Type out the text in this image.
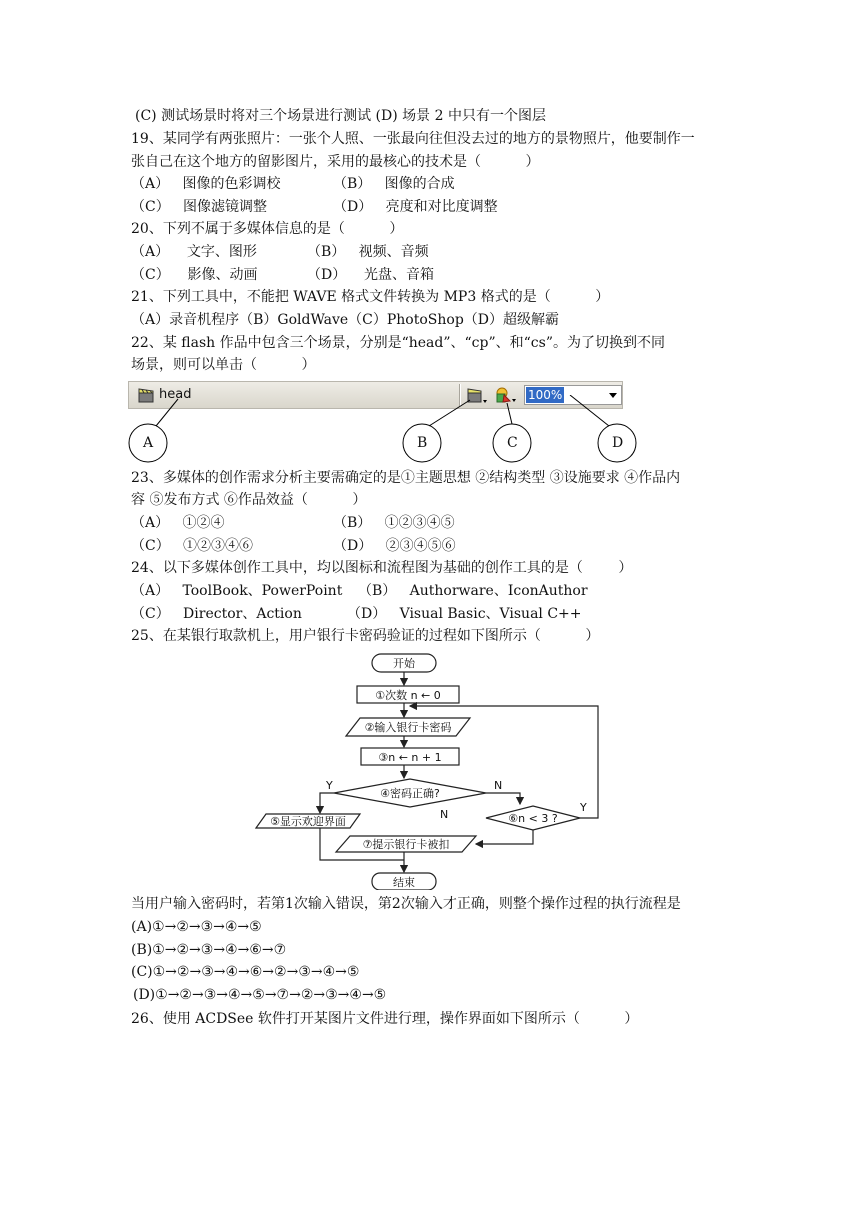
(C) 测试场景时将对三个场景进行测试 (D) 场景 2 中只有一个图层
19、某同学有两张照片：一张个人照、一张最向往但没去过的地方的景物照片，他要制作一
张自己在这个地方的留影图片，采用的最核心的技术是（          ）
（A）   图像的色彩调校	（B）   图像的合成
（C）   图像滤镜调整	（D）   亮度和对比度调整
20、下列不属于多媒体信息的是（          ）
（A）    文字、图形	（B）   视频、音频
（C）    影像、动画	（D）    光盘、音箱
21、下列工具中，不能把 WAVE 格式文件转换为 MP3 格式的是（          ）
（A）录音机程序（B）GoldWave（C）PhotoShop（D）超级解霸
22、某 flash 作品中包含三个场景，分别是“head”、“cp”、和“cs”。为了切换到不同
场景，则可以单击（          ）
head	100%
A	B	C	D
23、多媒体的创作需求分析主要需确定的是①主题思想 ②结构类型 ③设施要求 ④作品内
容 ⑤发布方式 ⑥作品效益（          ）
（A）   ①②④	（B）   ①②③④⑤
（C）   ①②③④⑥	（D）   ②③④⑤⑥
24、以下多媒体创作工具中，均以图标和流程图为基础的创作工具的是（        ）
（A）   ToolBook、PowerPoint （B）   Authorware、IconAuthor
（C）   Director、Action	（D）   Visual Basic、Visual C++
25、在某银行取款机上，用户银行卡密码验证的过程如下图所示（          ）
开始
①次数 n ← 0
②输入银行卡密码
③n ← n + 1
④密码正确?
⑤显示欢迎界面	⑥n < 3 ?
⑦提示银行卡被扣
结束
Y	N
Y
N
当用户输入密码时，若第1次输入错误，第2次输入才正确，则整个操作过程的执行流程是
(A)①→②→③→④→⑤
(B)①→②→③→④→⑥→⑦
(C)①→②→③→④→⑥→②→③→④→⑤
(D)①→②→③→④→⑤→⑦→②→③→④→⑤
26、使用 ACDSee 软件打开某图片文件进行理，操作界面如下图所示（          ）
